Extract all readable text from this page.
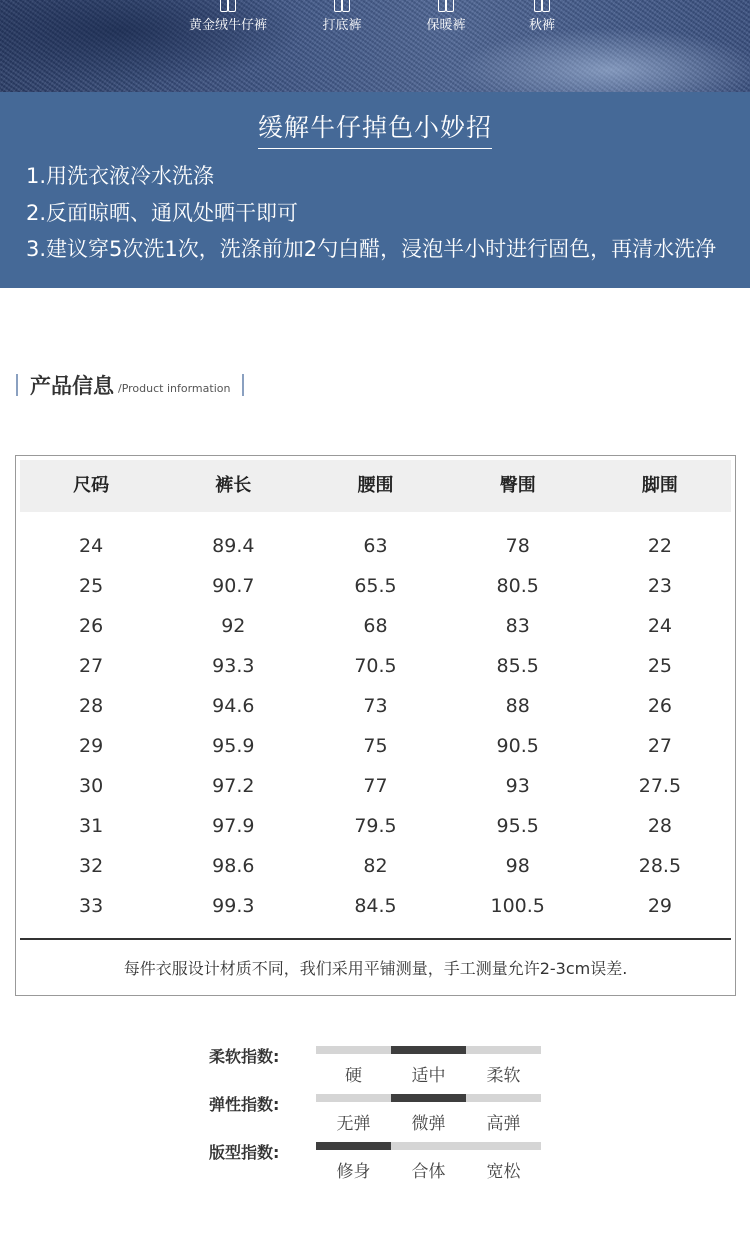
黄金绒牛仔裤	打底裤	保暖裤	秋裤
缓解牛仔掉色小妙招
1.用洗衣液冷水洗涤
2.反面晾晒、通风处晒干即可
3.建议穿5次洗1次，洗涤前加2勺白醋，浸泡半小时进行固色，再清水洗净
产品信息 /Product information
尺码	裤长	腰围	臀围	脚围
24	89.4	63	78	22
25	90.7	65.5	80.5	23
26	92	68	83	24
27	93.3	70.5	85.5	25
28	94.6	73	88	26
29	95.9	75	90.5	27
30	97.2	77	93	27.5
31	97.9	79.5	95.5	28
32	98.6	82	98	28.5
33	99.3	84.5	100.5	29
每件衣服设计材质不同，我们采用平铺测量，手工测量允许2-3cm误差.
柔软指数:
硬	适中	柔软
弹性指数:
无弹	微弹	高弹
版型指数:
修身	合体	宽松
